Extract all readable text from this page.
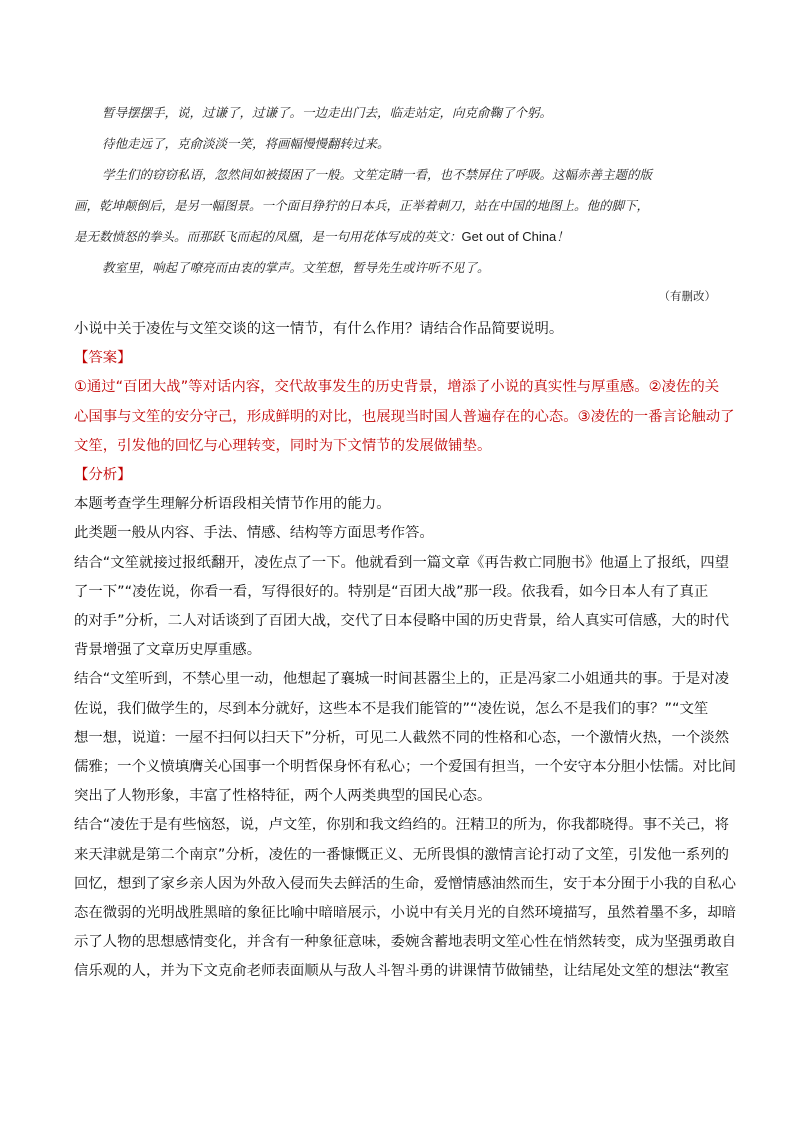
暂导摆摆手，说，过谦了，过谦了。一边走出门去，临走站定，向克俞鞠了个躬。

待他走远了，克俞淡淡一笑，将画幅慢慢翻转过来。

学生们的窃窃私语，忽然间如被掇困了一般。文笙定睛一看，也不禁屏住了呼吸。这幅赤善主题的版

画，乾坤颠倒后，是另一幅图景。一个面目狰狞的日本兵，正举着刺刀，站在中国的地图上。他的脚下，

是无数愤怒的拳头。而那跃飞而起的凤凰，是一句用花体写成的英文：Get out of China！

教室里，响起了嘹亮而由衷的掌声。文笙想，暂导先生或许听不见了。

（有删改）

小说中关于凌佐与文笙交谈的这一情节，有什么作用？请结合作品简要说明。

【答案】

①通过“百团大战”等对话内容，交代故事发生的历史背景，增添了小说的真实性与厚重感。②凌佐的关

心国事与文笙的安分守己，形成鲜明的对比，也展现当时国人普遍存在的心态。③凌佐的一番言论触动了

文笙，引发他的回忆与心理转变，同时为下文情节的发展做铺垫。

【分析】

本题考查学生理解分析语段相关情节作用的能力。

此类题一般从内容、手法、情感、结构等方面思考作答。

结合“文笙就接过报纸翻开，凌佐点了一下。他就看到一篇文章《再告救亡同胞书》他逼上了报纸，四望

了一下”“凌佐说，你看一看，写得很好的。特别是“百团大战”那一段。依我看，如今日本人有了真正

的对手”分析，二人对话谈到了百团大战，交代了日本侵略中国的历史背景，给人真实可信感，大的时代

背景增强了文章历史厚重感。

结合“文笙听到，不禁心里一动，他想起了襄城一时间甚嚣尘上的，正是冯家二小姐通共的事。于是对凌

佐说，我们做学生的，尽到本分就好，这些本不是我们能管的”“凌佐说，怎么不是我们的事？”“文笙

想一想，说道：一屋不扫何以扫天下”分析，可见二人截然不同的性格和心态，一个激情火热，一个淡然

儒雅；一个义愤填膺关心国事一个明哲保身怀有私心；一个爱国有担当，一个安守本分胆小怯懦。对比间

突出了人物形象，丰富了性格特征，两个人两类典型的国民心态。

结合“凌佐于是有些恼怒，说，卢文笙，你别和我文绉绉的。汪精卫的所为，你我都晓得。事不关己，将

来天津就是第二个南京”分析，凌佐的一番慷慨正义、无所畏惧的激情言论打动了文笙，引发他一系列的

回忆，想到了家乡亲人因为外敌入侵而失去鲜活的生命，爱憎情感油然而生，安于本分囿于小我的自私心

态在微弱的光明战胜黑暗的象征比喻中暗暗展示，小说中有关月光的自然环境描写，虽然着墨不多，却暗

示了人物的思想感情变化，并含有一种象征意味，委婉含蓄地表明文笙心性在悄然转变，成为坚强勇敢自

信乐观的人，并为下文克俞老师表面顺从与敌人斗智斗勇的讲课情节做铺垫，让结尾处文笙的想法“教室
